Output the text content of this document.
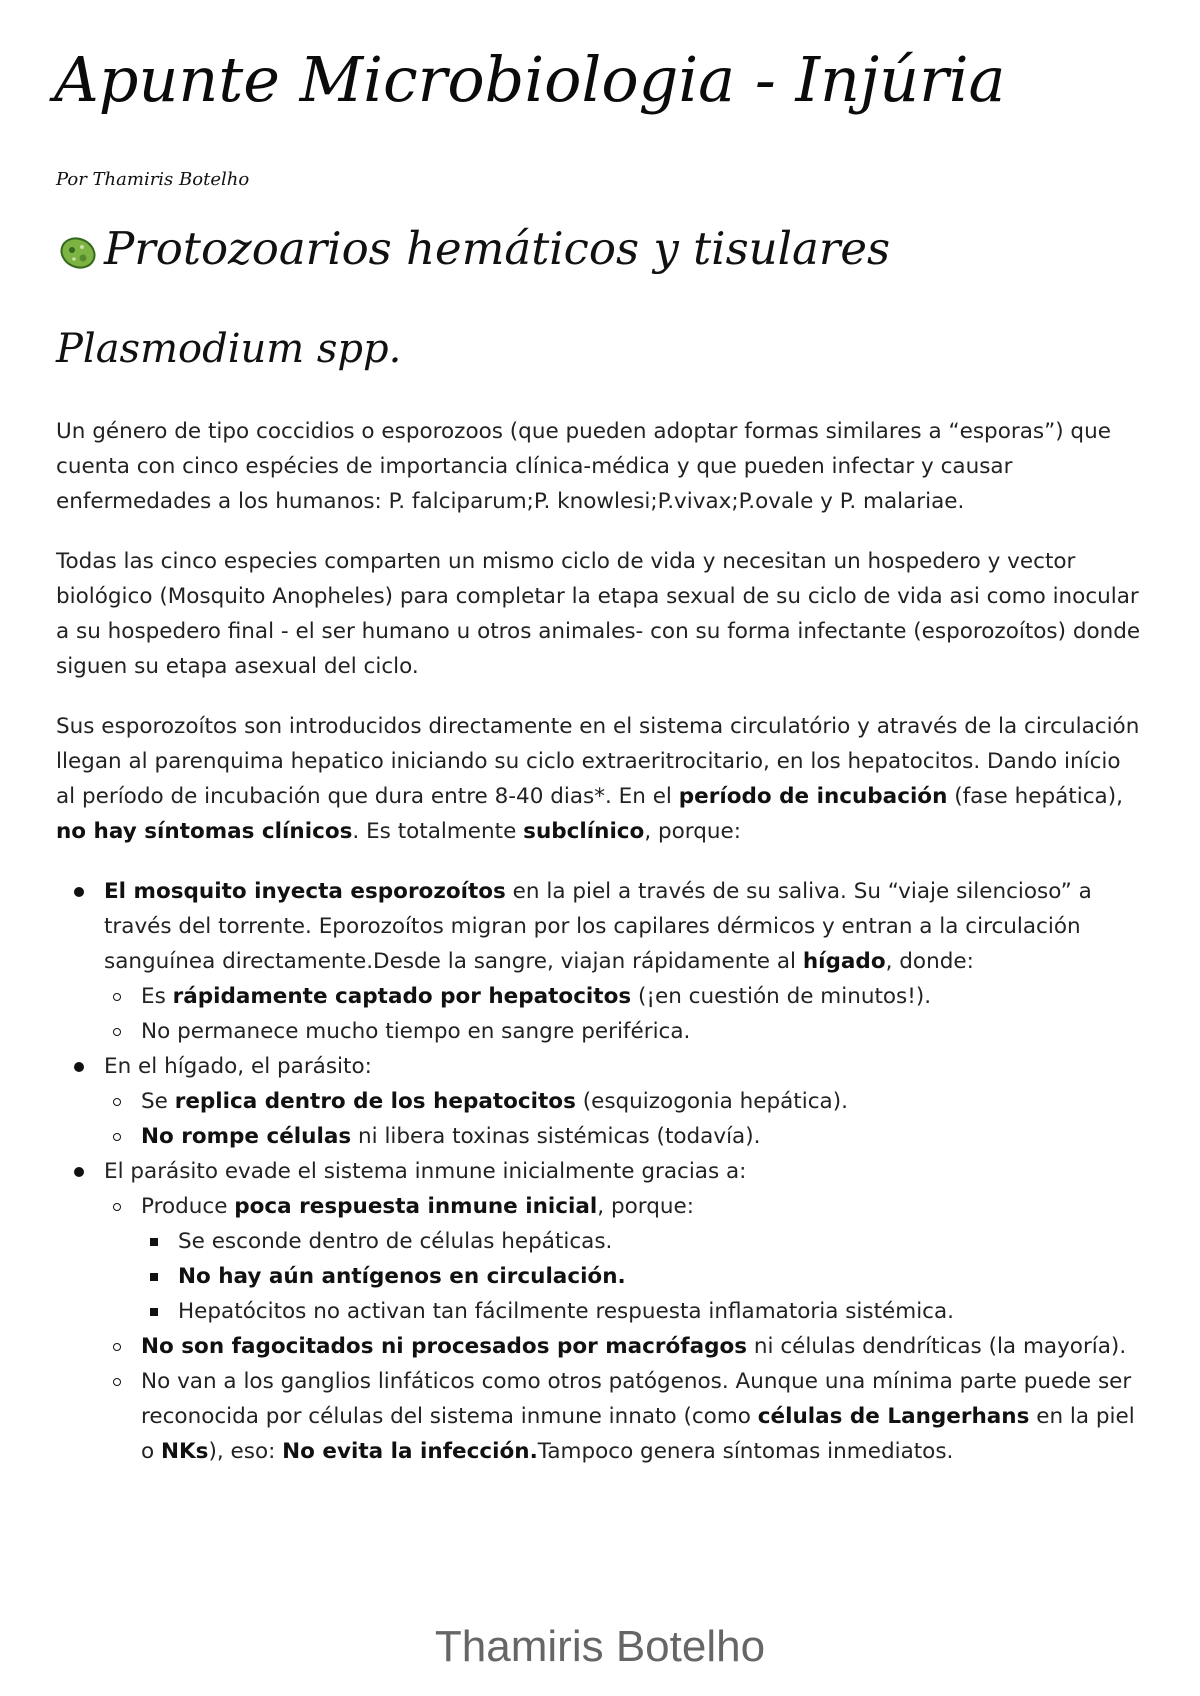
Apunte Microbiologia - Injúria
Por Thamiris Botelho
Protozoarios hemáticos y tisulares
Plasmodium spp.

Un género de tipo coccidios o esporozoos (que pueden adoptar formas similares a “esporas”) que cuenta con cinco espécies de importancia clínica-médica y que pueden infectar y causar enfermedades a los humanos: P. falciparum;P. knowlesi;P.vivax;P.ovale y P. malariae.

Todas las cinco especies comparten un mismo ciclo de vida y necesitan un hospedero y vector biológico (Mosquito Anopheles) para completar la etapa sexual de su ciclo de vida asi como inocular a su hospedero final - el ser humano u otros animales- con su forma infectante (esporozoítos) donde siguen su etapa asexual del ciclo.

Sus esporozoítos son introducidos directamente en el sistema circulatório y através de la circulación llegan al parenquima hepatico iniciando su ciclo extraeritrocitario, en los hepatocitos. Dando início al período de incubación que dura entre 8-40 dias*. En el período de incubación (fase hepática), no hay síntomas clínicos. Es totalmente subclínico, porque:

El mosquito inyecta esporozoítos en la piel a través de su saliva. Su “viaje silencioso” a través del torrente. Eporozoítos migran por los capilares dérmicos y entran a la circulación sanguínea directamente.Desde la sangre, viajan rápidamente al hígado, donde:
Es rápidamente captado por hepatocitos (¡en cuestión de minutos!).
No permanece mucho tiempo en sangre periférica.
En el hígado, el parásito:
Se replica dentro de los hepatocitos (esquizogonia hepática).
No rompe células ni libera toxinas sistémicas (todavía).
El parásito evade el sistema inmune inicialmente gracias a:
Produce poca respuesta inmune inicial, porque:
Se esconde dentro de células hepáticas.
No hay aún antígenos en circulación.
Hepatócitos no activan tan fácilmente respuesta inflamatoria sistémica.
No son fagocitados ni procesados por macrófagos ni células dendríticas (la mayoría).
No van a los ganglios linfáticos como otros patógenos. Aunque una mínima parte puede ser reconocida por células del sistema inmune innato (como células de Langerhans en la piel o NKs), eso: No evita la infección.Tampoco genera síntomas inmediatos.
Thamiris Botelho
